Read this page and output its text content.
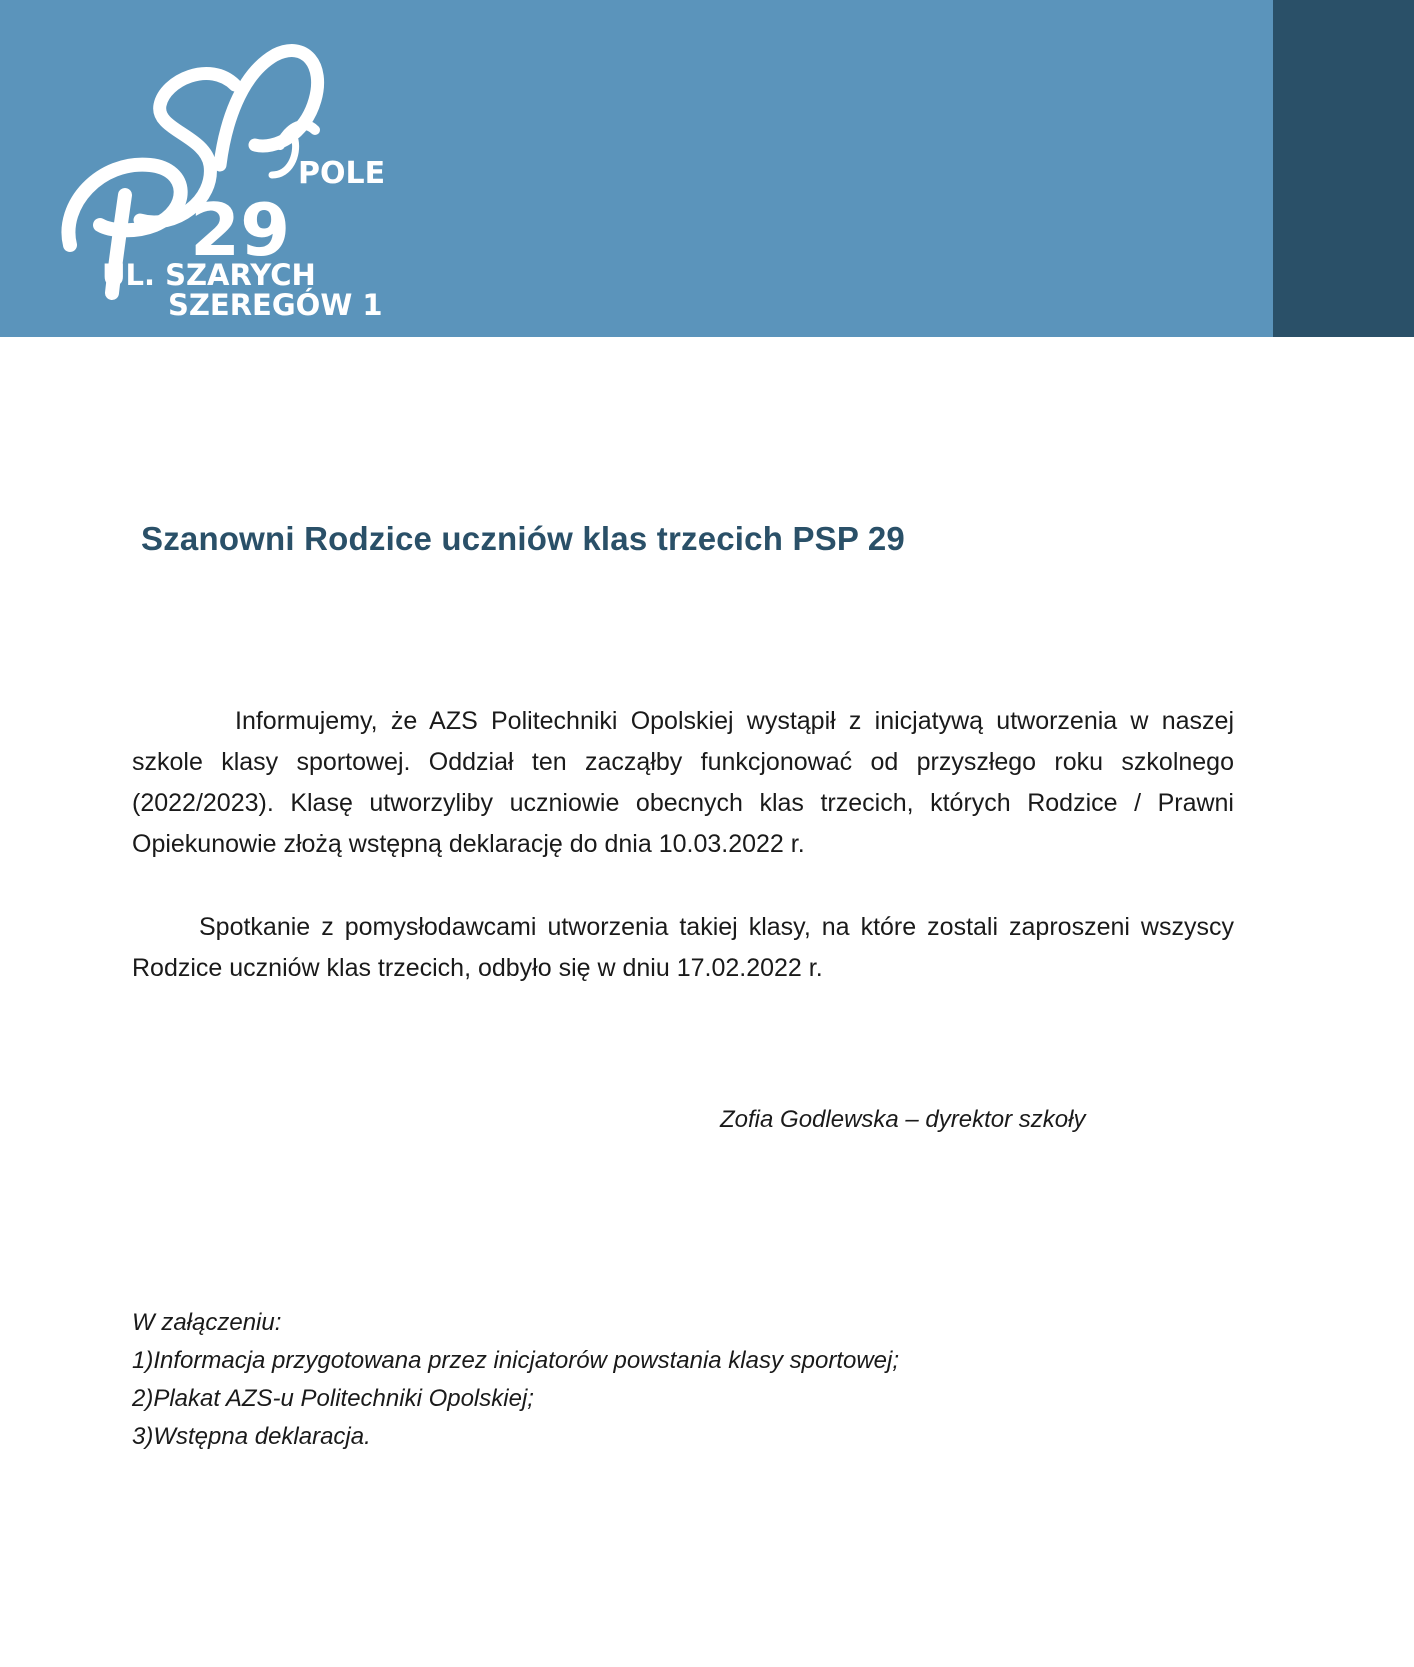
POLE
29
UL. SZARYCH
SZEREGÓW 1
Szanowni Rodzice uczniów klas trzecich PSP 29

Informujemy, że AZS Politechniki Opolskiej wystąpił z inicjatywą utworzenia w naszej szkole klasy sportowej. Oddział ten zacząłby funkcjonować od przyszłego roku szkolnego (2022/2023). Klasę utworzyliby uczniowie obecnych klas trzecich, których Rodzice / Prawni Opiekunowie złożą wstępną deklarację do dnia 10.03.2022 r.

Spotkanie z pomysłodawcami utworzenia takiej klasy, na które zostali zaproszeni wszyscy Rodzice uczniów klas trzecich, odbyło się w dniu 17.02.2022 r.

Zofia Godlewska – dyrektor szkoły

W załączeniu:
1)Informacja przygotowana przez inicjatorów powstania klasy sportowej;
2)Plakat AZS-u Politechniki Opolskiej;
3)Wstępna deklaracja.
